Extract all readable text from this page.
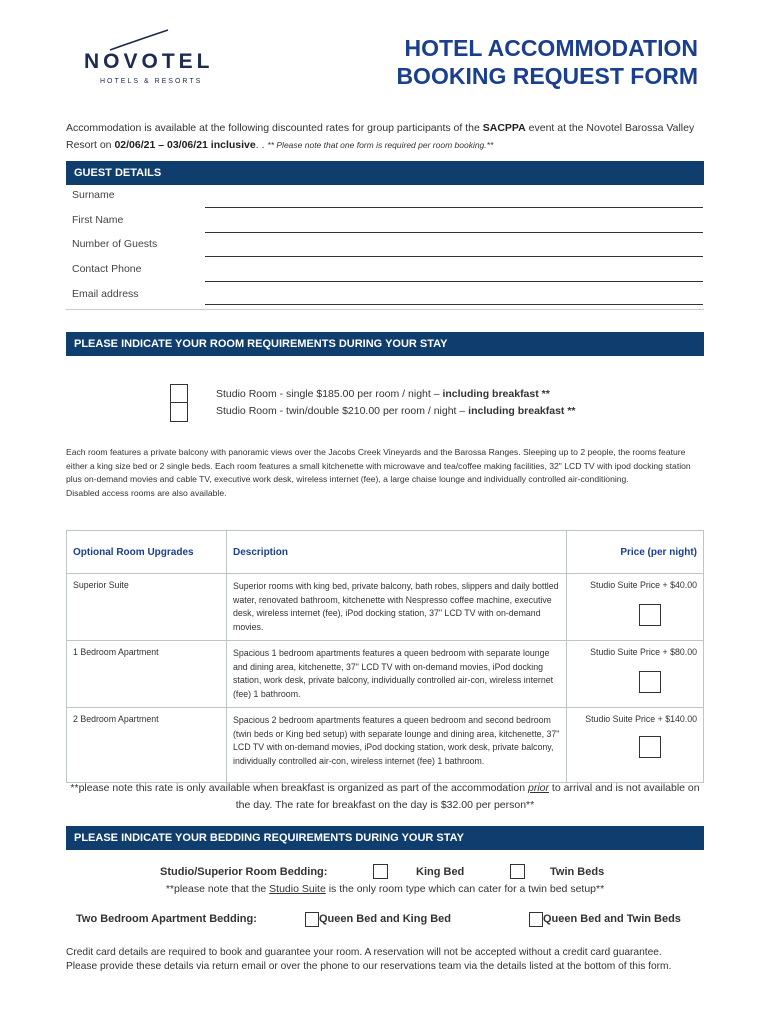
NOVOTEL
HOTELS & RESORTS
HOTEL ACCOMMODATION
BOOKING REQUEST FORM
Accommodation is available at the following discounted rates for group participants of the SACPPA event at the Novotel Barossa Valley Resort on 02/06/21 – 03/06/21 inclusive. . ** Please note that one form is required per room booking.**
GUEST DETAILS
Surname
First Name
Number of Guests
Contact Phone
Email address
PLEASE INDICATE YOUR ROOM REQUIREMENTS DURING YOUR STAY
Studio Room - single $185.00 per room / night – including breakfast **
Studio Room - twin/double $210.00 per room / night – including breakfast **
Each room features a private balcony with panoramic views over the Jacobs Creek Vineyards and the Barossa Ranges. Sleeping up to 2 people, the rooms feature either a king size bed or 2 single beds. Each room features a small kitchenette with microwave and tea/coffee making facilities, 32" LCD TV with ipod docking station plus on-demand movies and cable TV, executive work desk, wireless internet (fee), a large chaise lounge and individually controlled air-conditioning.
Disabled access rooms are also available.
Optional Room Upgrades	Description	Price (per night)
Superior Suite	Superior rooms with king bed, private balcony, bath robes, slippers and daily bottled water, renovated bathroom, kitchenette with Nespresso coffee machine, executive desk, wireless internet (fee), iPod docking station, 37" LCD TV with on-demand movies.	Studio Suite Price + $40.00

1 Bedroom Apartment	Spacious 1 bedroom apartments features a queen bedroom with separate lounge and dining area, kitchenette, 37" LCD TV with on-demand movies, iPod docking station, work desk, private balcony, individually controlled air-con, wireless internet (fee) 1 bathroom.	Studio Suite Price + $80.00

2 Bedroom Apartment	Spacious 2 bedroom apartments features a queen bedroom and second bedroom (twin beds or King bed setup) with separate lounge and dining area, kitchenette, 37" LCD TV with on-demand movies, iPod docking station, work desk, private balcony, individually controlled air-con, wireless internet (fee) 1 bathroom.	Studio Suite Price + $140.00
**please note this rate is only available when breakfast is organized as part of the accommodation prior to arrival and is not available on the day. The rate for breakfast on the day is $32.00 per person**
PLEASE INDICATE YOUR BEDDING REQUIREMENTS DURING YOUR STAY
Studio/Superior Room Bedding:	King Bed	Twin Beds
**please note that the Studio Suite is the only room type which can cater for a twin bed setup**
Two Bedroom Apartment Bedding:	Queen Bed and King Bed	Queen Bed and Twin Beds
Credit card details are required to book and guarantee your room. A reservation will not be accepted without a credit card guarantee.
Please provide these details via return email or over the phone to our reservations team via the details listed at the bottom of this form.
